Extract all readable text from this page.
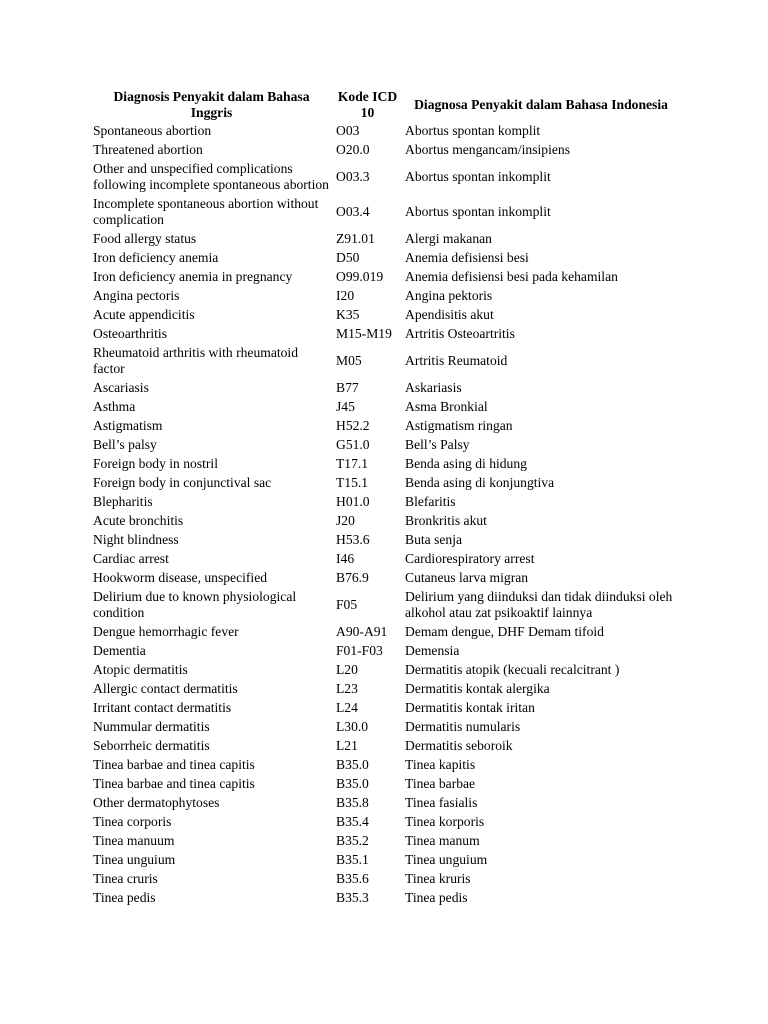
Diagnosis Penyakit dalam Bahasa Inggris	Kode ICD 10	Diagnosa Penyakit dalam Bahasa Indonesia
Spontaneous abortion	O03	Abortus spontan komplit
Threatened abortion	O20.0	Abortus mengancam/insipiens
Other and unspecified complications following incomplete spontaneous abortion	O03.3	Abortus spontan inkomplit
Incomplete spontaneous abortion without complication	O03.4	Abortus spontan inkomplit
Food allergy status	Z91.01	Alergi makanan
Iron deficiency anemia	D50	Anemia defisiensi besi
Iron deficiency anemia in pregnancy	O99.019	Anemia defisiensi besi pada kehamilan
Angina pectoris	I20	Angina pektoris
Acute appendicitis	K35	Apendisitis akut
Osteoarthritis	M15-M19	Artritis Osteoartritis
Rheumatoid arthritis with rheumatoid factor	M05	Artritis Reumatoid
Ascariasis	B77	Askariasis
Asthma	J45	Asma Bronkial
Astigmatism	H52.2	Astigmatism ringan
Bell’s palsy	G51.0	Bell’s Palsy
Foreign body in nostril	T17.1	Benda asing di hidung
Foreign body in conjunctival sac	T15.1	Benda asing di konjungtiva
Blepharitis	H01.0	Blefaritis
Acute bronchitis	J20	Bronkritis akut
Night blindness	H53.6	Buta senja
Cardiac arrest	I46	Cardiorespiratory arrest
Hookworm disease, unspecified	B76.9	Cutaneus larva migran
Delirium due to known physiological condition	F05	Delirium yang diinduksi dan tidak diinduksi oleh alkohol atau zat psikoaktif lainnya
Dengue hemorrhagic fever	A90-A91	Demam dengue, DHF Demam tifoid
Dementia	F01-F03	Demensia
Atopic dermatitis	L20	Dermatitis atopik (kecuali recalcitrant )
Allergic contact dermatitis	L23	Dermatitis kontak alergika
Irritant contact dermatitis	L24	Dermatitis kontak iritan
Nummular dermatitis	L30.0	Dermatitis numularis
Seborrheic dermatitis	L21	Dermatitis seboroik
Tinea barbae and tinea capitis	B35.0	Tinea kapitis
Tinea barbae and tinea capitis	B35.0	Tinea barbae
Other dermatophytoses	B35.8	Tinea fasialis
Tinea corporis	B35.4	Tinea korporis
Tinea manuum	B35.2	Tinea manum
Tinea unguium	B35.1	Tinea unguium
Tinea cruris	B35.6	Tinea kruris
Tinea pedis	B35.3	Tinea pedis
